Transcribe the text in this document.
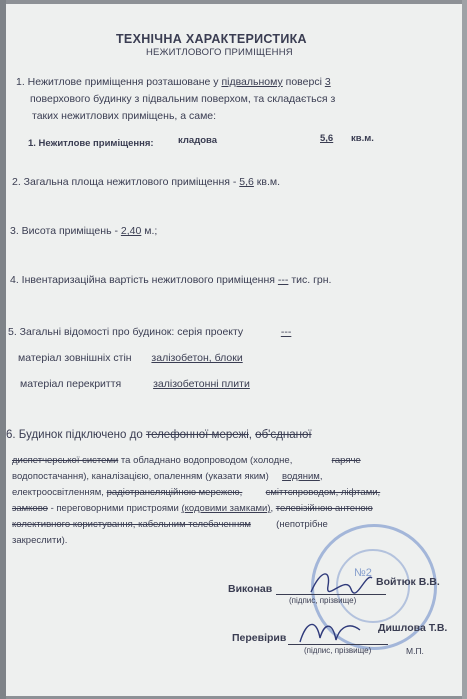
ТЕХНІЧНА ХАРАКТЕРИСТИКА
НЕЖИТЛОВОГО ПРИМІЩЕННЯ
1. Нежитлове приміщення розташоване у підвальному поверсі 3
поверхового будинку з підвальним поверхом, та складається з
таких нежитлових приміщень, а саме:
1. Нежитлове приміщення:	кладова	5,6 кв.м.
2. Загальна площа нежитлового приміщення - 5,6 кв.м.
3. Висота приміщень - 2,40 м.;
4. Інвентаризаційна вартість нежитлового приміщення --- тис. грн.
5. Загальні відомості про будинок: серія проекту	---
матеріал зовнішніх стін залізобетон, блоки
матеріал перекриття	залізобетонні плити
6. Будинок підключено до телефонної мережі, об'єднаної
диспетчерської системи та обладнано водопроводом (холодне,	гаряче
водопостачання), каналізацією, опаленням (указати яким) водяним,
електроосвітленням, радіотрансляційною мережею, сміттєпроводом, ліфтами,
замково - переговорними пристроями (кодовими замками), телевізійною антеною
колективного користування, кабельним телебаченням	(непотрібне
закреслити).
№2
Виконав
Войтюк В.В.
(підпис, прізвище)
Перевірив
Дишлова Т.В.
(підпис, прізвище)	М.П.
